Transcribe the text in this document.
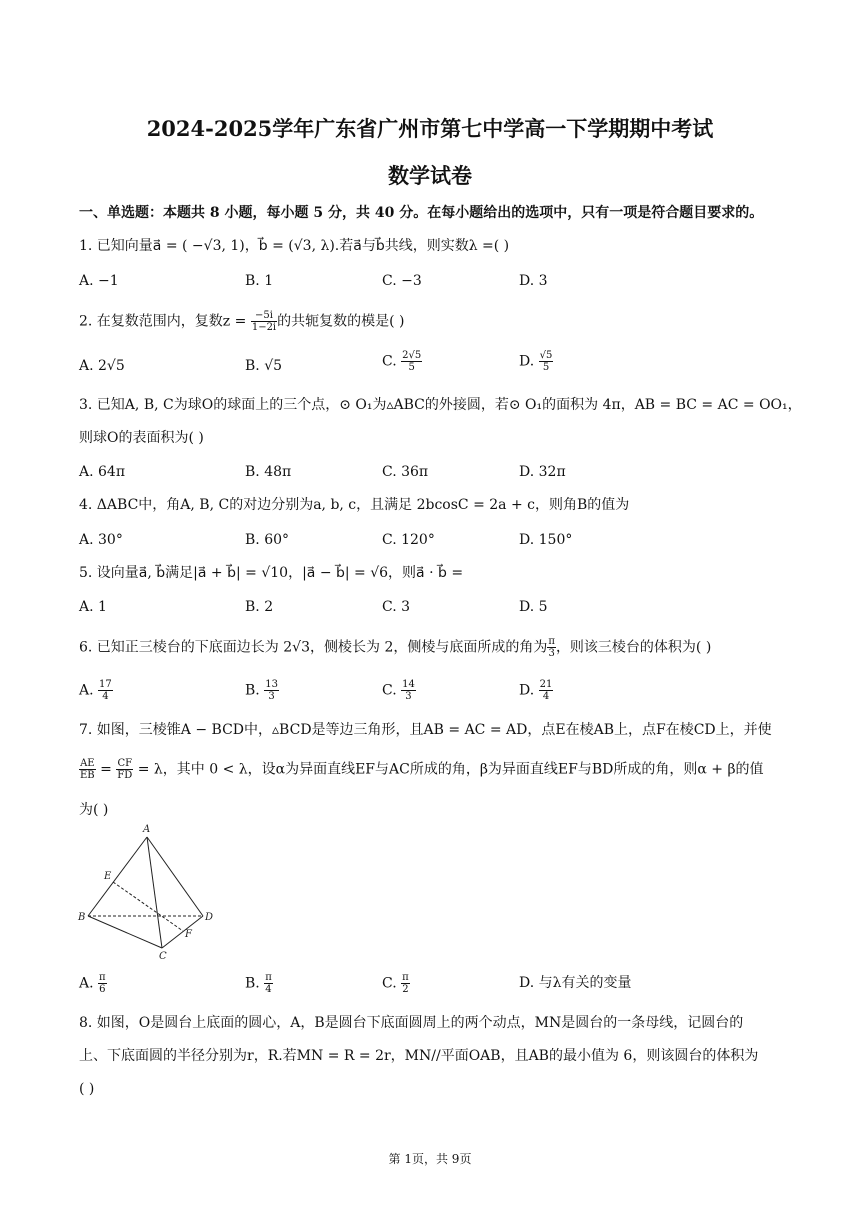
2024-2025学年广东省广州市第七中学高一下学期期中考试
数学试卷
一、单选题：本题共 8 小题，每小题 5 分，共 40 分。在每小题给出的选项中，只有一项是符合题目要求的。
1. 已知向量a⃗ = ( −√3, 1)，b⃗ = (√3, λ).若a⃗与b⃗共线，则实数λ =( )
A. −1	B. 1	C. −3	D. 3
2. 在复数范围内，复数$z = \frac{-5i}{1-2i}$ 的共轭复数的模是( )
A. 2√5	B. √5	C. $\frac{2√5}{5}$	D. $\frac{√5}{5}$
3. 已知A, B, C为球O的球面上的三个点，⊙ O₁为▵ABC的外接圆，若⊙ O₁的面积为 4π，AB = BC = AC = OO₁，
则球O的表面积为( )
A. 64π	B. 48π	C. 36π	D. 32π
4. ΔABC中，角A, B, C的对边分别为a, b, c，且满足 2bcosC = 2a + c，则角B的值为
A. 30°	B. 60°	C. 120°	D. 150°
5. 设向量a⃗, b⃗满足|a⃗ + b⃗| = √10，|a⃗ − b⃗| = √6，则a⃗ · b⃗ =
A. 1	B. 2	C. 3	D. 5
6. 已知正三棱台的下底面边长为 2√3，侧棱长为 2，侧棱与底面所成的角为 $\frac{\pi}{3}$ ，则该三棱台的体积为( )
A. $\frac{17}{4}$	B. $\frac{13}{3}$	C. $\frac{14}{3}$	D. $\frac{21}{4}$
7. 如图，三棱锥A − BCD中，▵BCD是等边三角形，且AB = AC = AD，点E在棱AB上，点F在棱CD上，并使
$\frac{AE}{EB} = \frac{CF}{FD} = \lambda$，其中 0 < λ，设α为异面直线EF与AC所成的角，β为异面直线EF与BD所成的角，则α + β的值
为( )
A
E
B	D
F
C
A. $\frac{\pi}{6}$	B. $\frac{\pi}{4}$	C. $\frac{\pi}{2}$	D. 与λ有关的变量
8. 如图，O是圆台上底面的圆心，A，B是圆台下底面圆周上的两个动点，MN是圆台的一条母线，记圆台的
上、下底面圆的半径分别为r，R.若MN = R = 2r，MN//平面OAB，且AB的最小值为 6，则该圆台的体积为
( )
第 1页，共 9页
